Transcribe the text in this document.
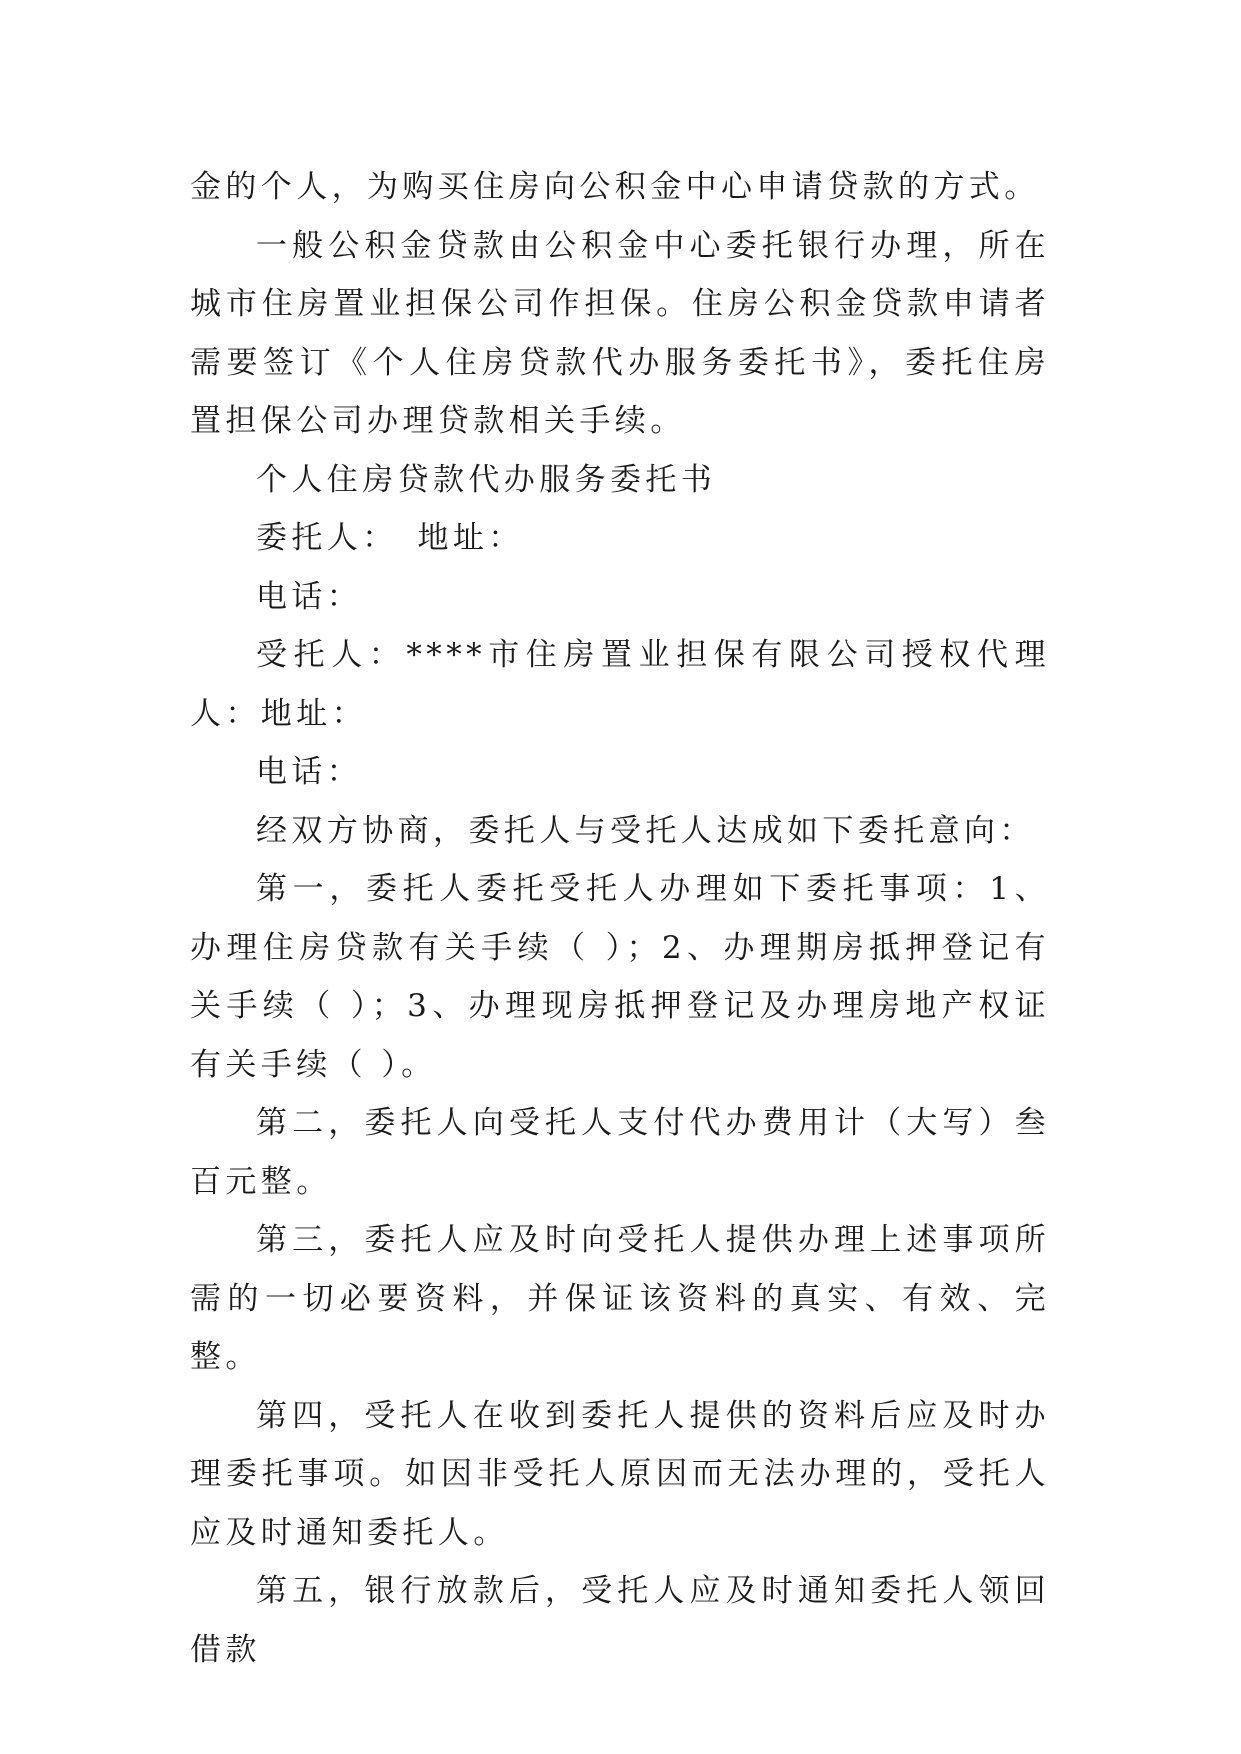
金的个人，为购买住房向公积金中心申请贷款的方式。

一般公积金贷款由公积金中心委托银行办理，所在城市住房置业担保公司作担保。住房公积金贷款申请者需要签订《个人住房贷款代办服务委托书》，委托住房置担保公司办理贷款相关手续。

个人住房贷款代办服务委托书

委托人：　地址：

电话：

受托人：****市住房置业担保有限公司授权代理人：地址：

电话：

经双方协商，委托人与受托人达成如下委托意向：

第一，委托人委托受托人办理如下委托事项：1、办理住房贷款有关手续（ ）；2、办理期房抵押登记有关手续（ ）；3、办理现房抵押登记及办理房地产权证有关手续（ ）。

第二，委托人向受托人支付代办费用计（大写）叁百元整。

第三，委托人应及时向受托人提供办理上述事项所需的一切必要资料，并保证该资料的真实、有效、完整。

第四，受托人在收到委托人提供的资料后应及时办理委托事项。如因非受托人原因而无法办理的，受托人应及时通知委托人。

第五，银行放款后，受托人应及时通知委托人领回借款
